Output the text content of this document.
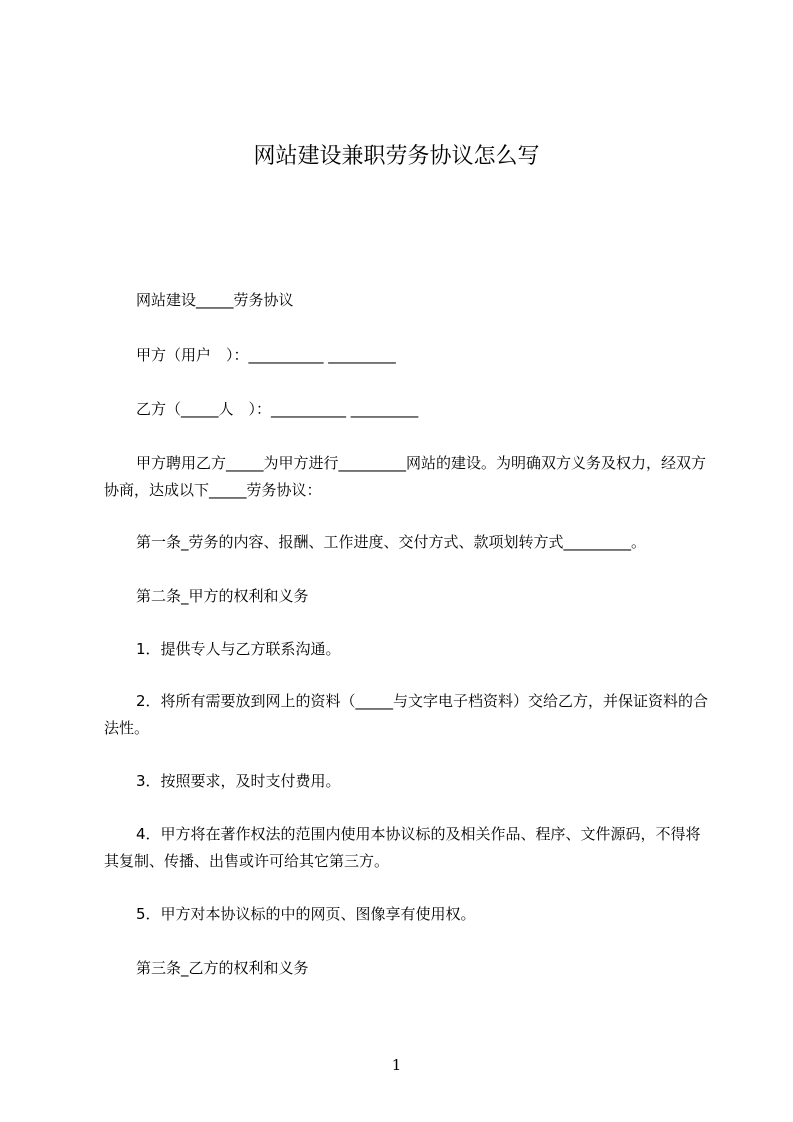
网站建设兼职劳务协议怎么写
网站建设_____劳务协议
甲方（用户　）：__________ _________
乙方（_____人　）：__________ _________
甲方聘用乙方_____为甲方进行_________网站的建设。为明确双方义务及权力，经双方协商，达成以下_____劳务协议：
第一条_劳务的内容、报酬、工作进度、交付方式、款项划转方式_________。
第二条_甲方的权利和义务
1．提供专人与乙方联系沟通。
2．将所有需要放到网上的资料（_____与文字电子档资料）交给乙方，并保证资料的合法性。
3．按照要求，及时支付费用。
4．甲方将在著作权法的范围内使用本协议标的及相关作品、程序、文件源码，不得将其复制、传播、出售或许可给其它第三方。
5．甲方对本协议标的中的网页、图像享有使用权。
第三条_乙方的权利和义务
1
